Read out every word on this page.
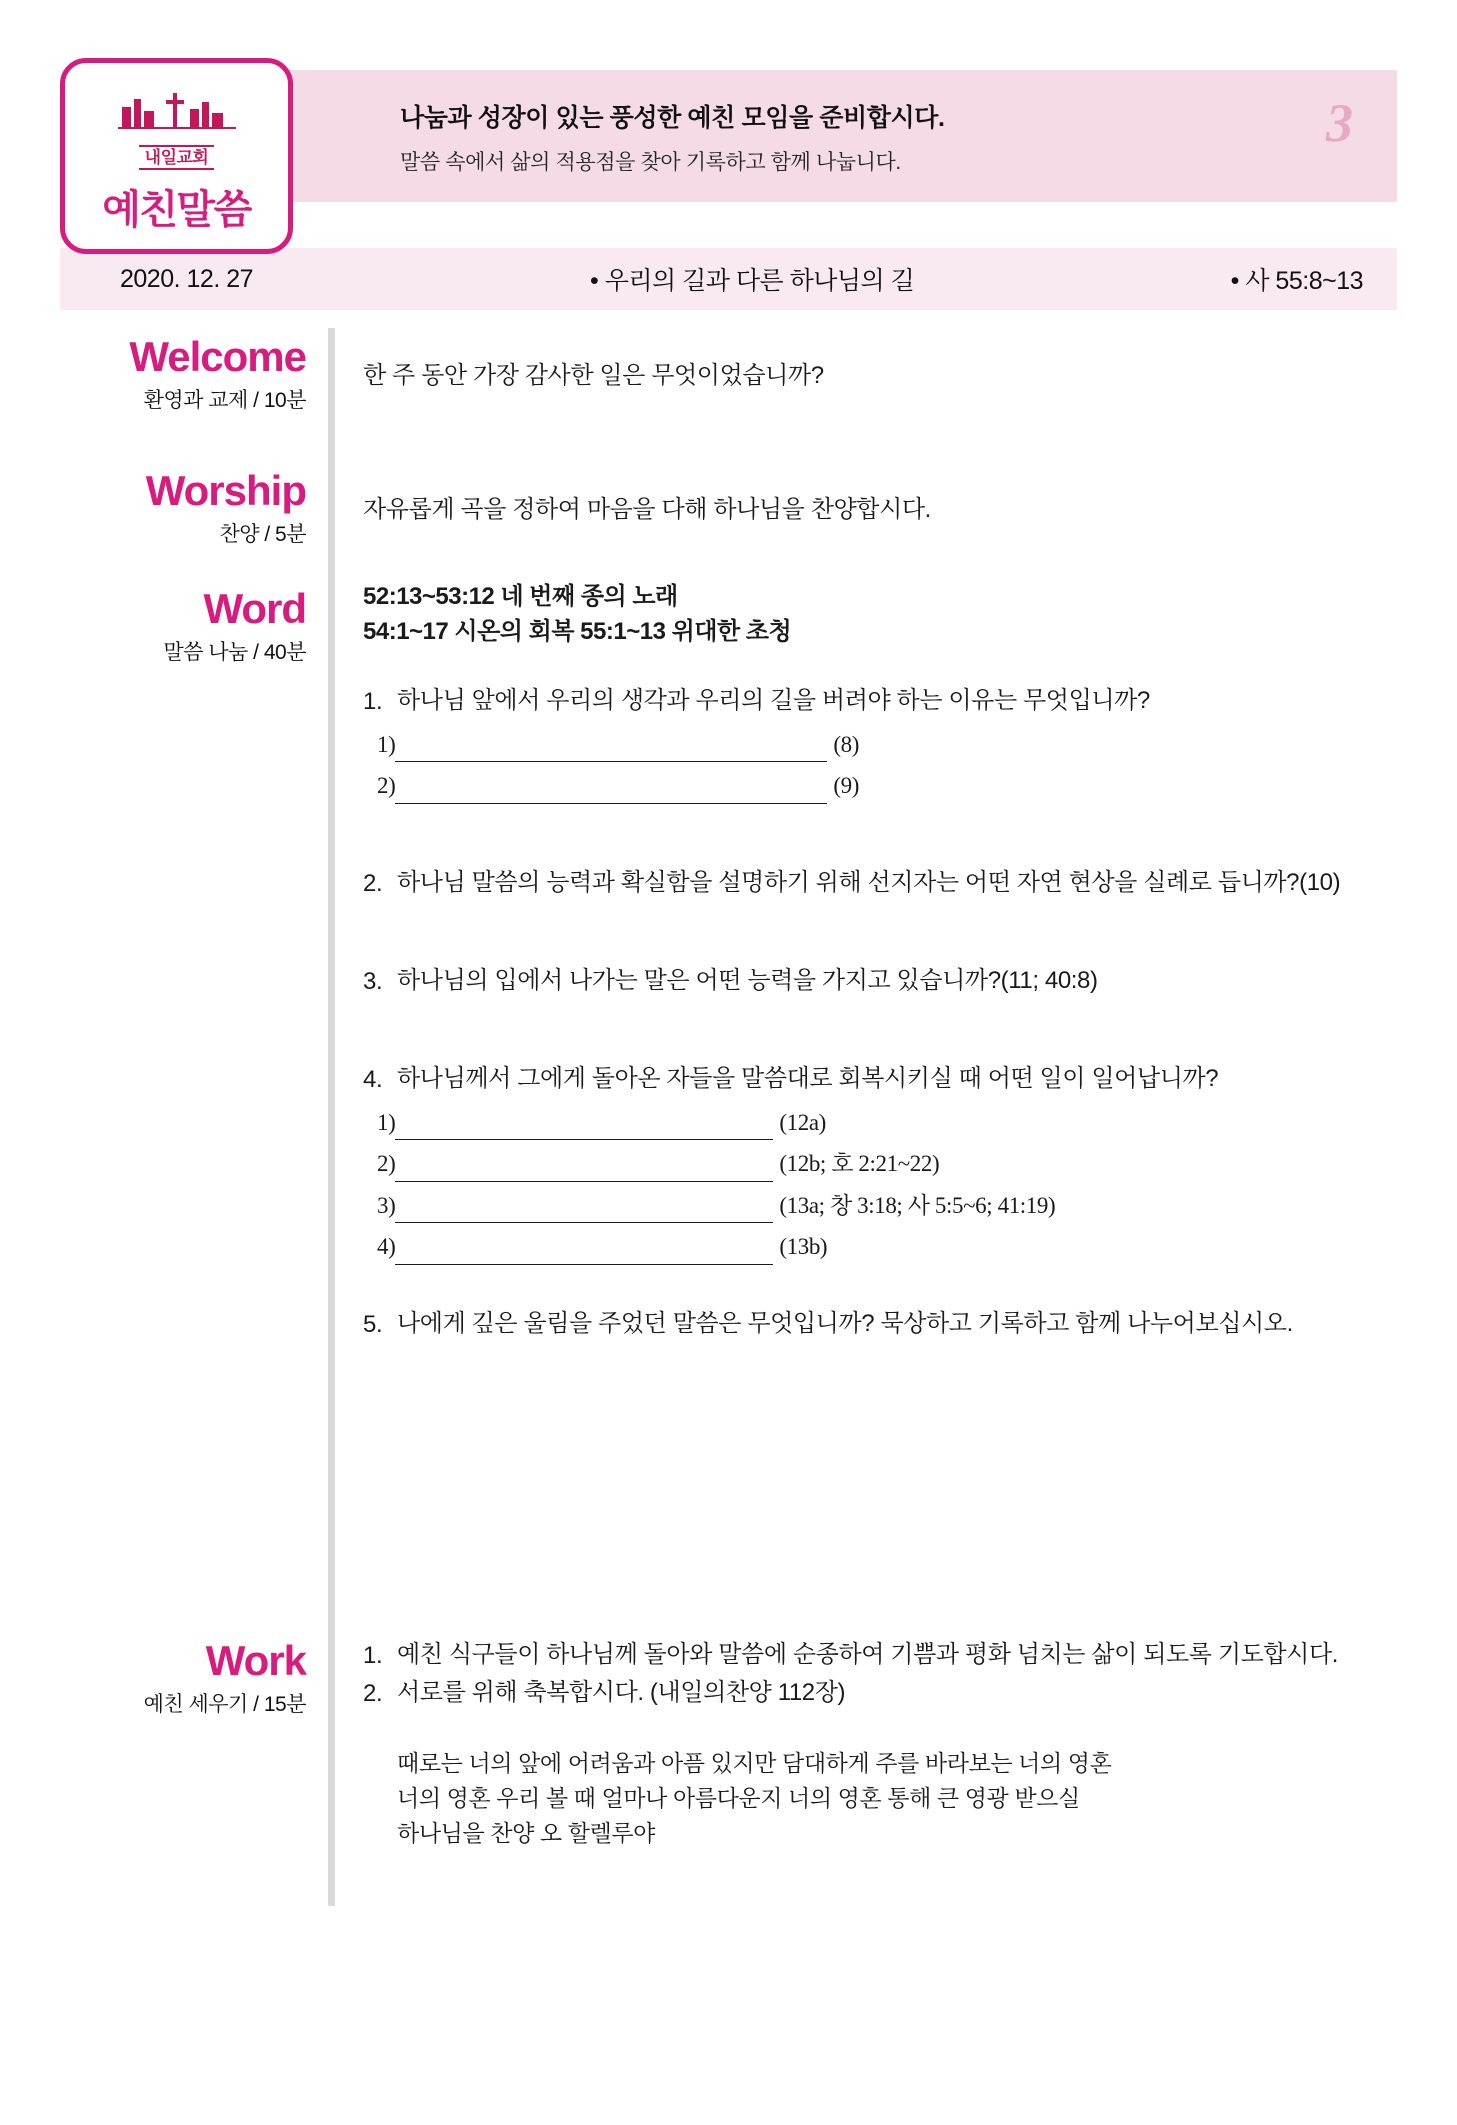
나눔과 성장이 있는 풍성한 예친 모임을 준비합시다.
말씀 속에서 삶의 적용점을 찾아 기록하고 함께 나눕니다.
3
내일교회
예친말씀
2020. 12. 27	• 우리의 길과 다른 하나님의 길	• 사 55:8~13
Welcome
환영과 교제 / 10분
한 주 동안 가장 감사한 일은 무엇이었습니까?
Worship
찬양 / 5분
자유롭게 곡을 정하여 마음을 다해 하나님을 찬양합시다.
Word
말씀 나눔 / 40분
52:13~53:12 네 번째 종의 노래
54:1~17 시온의 회복 55:1~13 위대한 초청
1. 하나님 앞에서 우리의 생각과 우리의 길을 버려야 하는 이유는 무엇입니까?
1)	(8)
2)	(9)
2. 하나님 말씀의 능력과 확실함을 설명하기 위해 선지자는 어떤 자연 현상을 실례로 듭니까?(10)
3. 하나님의 입에서 나가는 말은 어떤 능력을 가지고 있습니까?(11; 40:8)
4. 하나님께서 그에게 돌아온 자들을 말씀대로 회복시키실 때 어떤 일이 일어납니까?
1)	(12a)
2)	(12b; 호 2:21~22)
3)	(13a; 창 3:18; 사 5:5~6; 41:19)
4)	(13b)
5. 나에게 깊은 울림을 주었던 말씀은 무엇입니까? 묵상하고 기록하고 함께 나누어보십시오.
Work
예친 세우기 / 15분
1. 예친 식구들이 하나님께 돌아와 말씀에 순종하여 기쁨과 평화 넘치는 삶이 되도록 기도합시다.
2. 서로를 위해 축복합시다. (내일의찬양 112장)
때로는 너의 앞에 어려움과 아픔 있지만 담대하게 주를 바라보는 너의 영혼
너의 영혼 우리 볼 때 얼마나 아름다운지 너의 영혼 통해 큰 영광 받으실
하나님을 찬양 오 할렐루야
